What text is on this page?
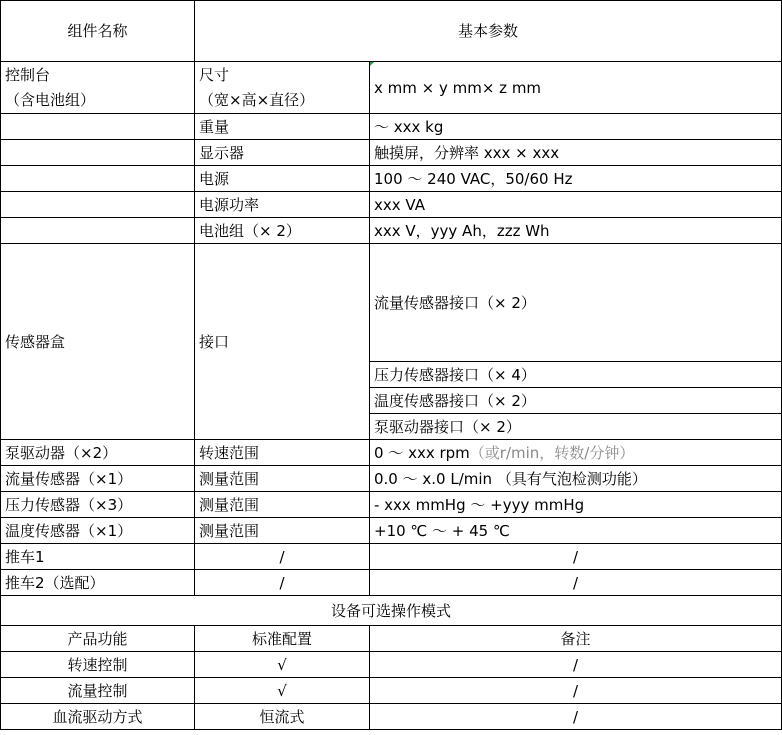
组件名称	基本参数	
控制台	尺寸	x mm × y mm× z mm
（含电池组）	（宽×高×直径）	
	重量	～ xxx kg
	显示器	触摸屏，分辨率 xxx × xxx
	电源	100 ～ 240 VAC，50/60 Hz
	电源功率	xxx VA
	电池组（× 2）	xxx V，yyy Ah，zzz Wh
传感器盒	接口	流量传感器接口（× 2）
		压力传感器接口（× 4）
		温度传感器接口（× 2）
		泵驱动器接口（× 2）
泵驱动器（×2）	转速范围	0 ～ xxx rpm（或r/min，转数/分钟）
流量传感器（×1）	测量范围	0.0 ～ x.0 L/min （具有气泡检测功能）
压力传感器（×3）	测量范围	- xxx mmHg ～ +yyy mmHg
温度传感器（×1）	测量范围	+10 ℃ ～ + 45 ℃
推车1	/	/
推车2（选配）	/	/
设备可选操作模式		
产品功能	标准配置	备注
转速控制	√	/
流量控制	√	/
血流驱动方式	恒流式	/
